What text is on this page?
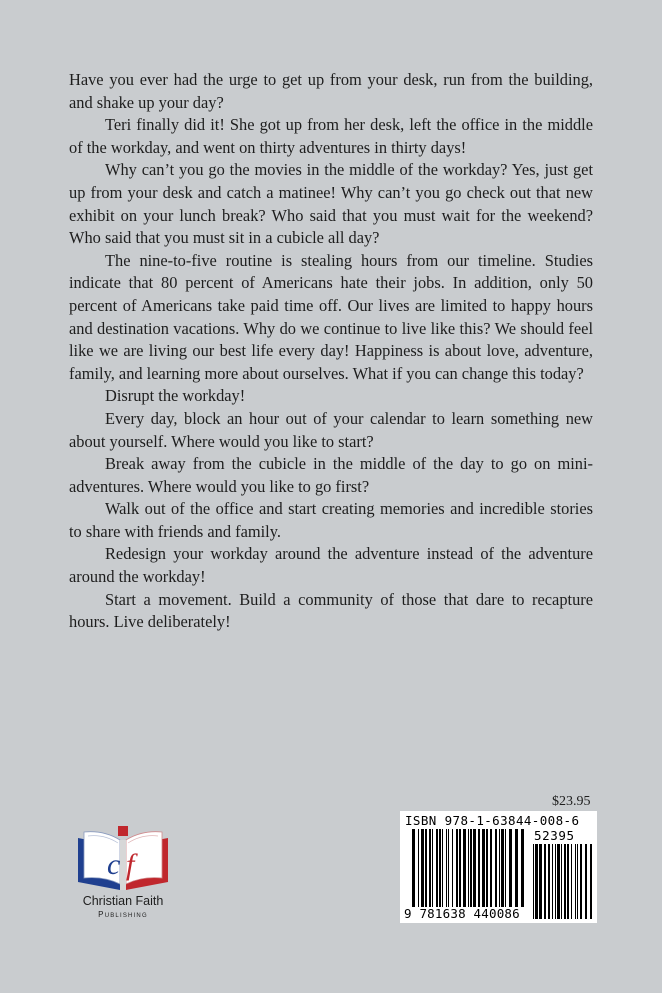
Have you ever had the urge to get up from your desk, run from the building, and shake up your day?

Teri finally did it! She got up from her desk, left the office in the middle of the workday, and went on thirty adventures in thirty days!

Why can’t you go the movies in the middle of the workday? Yes, just get up from your desk and catch a matinee! Why can’t you go check out that new exhibit on your lunch break? Who said that you must wait for the weekend? Who said that you must sit in a cubicle all day?

The nine-to-five routine is stealing hours from our timeline. Studies indicate that 80 percent of Americans hate their jobs. In addition, only 50 percent of Americans take paid time off. Our lives are limited to happy hours and destination vacations. Why do we continue to live like this? We should feel like we are living our best life every day! Happiness is about love, adventure, family, and learning more about ourselves. What if you can change this today?

Disrupt the workday!

Every day, block an hour out of your calendar to learn something new about yourself. Where would you like to start?

Break away from the cubicle in the middle of the day to go on mini-adventures. Where would you like to go first?

Walk out of the office and start creating memories and incredible stories to share with friends and family.

Redesign your workday around the adventure instead of the adventure around the workday!

Start a movement. Build a community of those that dare to recapture hours. Live deliberately!

$23.95
ISBN 978-1-63844-008-6
52395
9 781638 440086
c f
Christian Faith
Publishing
